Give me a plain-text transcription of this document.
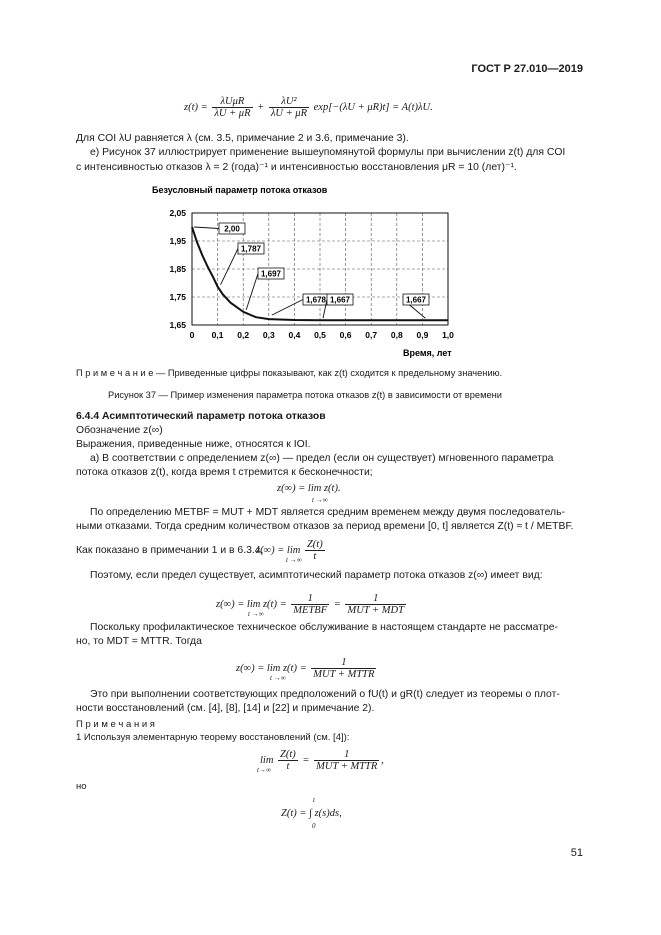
ГОСТ Р 27.010—2019
$z(t) = \frac{\text{λUμR}}{\lambda U + \mu R} + \frac{\text{λU²}}{\lambda U + \mu R} \exp[-(\lambda U + \mu R)t] = A(t)\lambda U$.
Для COI λU равняется λ (см. 3.5, примечание 2 и 3.6, примечание 3).
е) Рисунок 37 иллюстрирует применение вышеупомянутой формулы при вычислении z(t) для COI
с интенсивностью отказов λ = 2 (года)⁻¹ и интенсивностью восстановления μR = 10 (лет)⁻¹.
Безусловный параметр потока отказов
0 0,1 0,2 0,3 0,4 0,5 0,6 0,7 0,8 0,9 1,0
1,65
1,75
1,85
1,95
2,05
2,00
1,787
1,697
1,678 1,667	1,667
Время, лет
П р и м е ч а н и е — Приведенные цифры показывают, как z(t) сходится к предельному значению.
Рисунок 37 — Пример изменения параметра потока отказов z(t) в зависимости от времени
6.4.4 Асимптотический параметр потока отказов
Обозначение z(∞)
Выражения, приведенные ниже, относятся к IOI.
а) В соответствии с определением z(∞) — предел (если он существует) мгновенного параметра
потока отказов z(t), когда время t стремится к бесконечности;
z(∞) = lim z(t).
t →∞
По определению METBF = MUT + MDT является средним временем между двумя последователь-
ными отказами. Тогда средним количеством отказов за период времени [0, t] является Z(t) ≈ t / METBF.
Как показано в примечании 1 и в 6.3.4,
$z(\infty) = \lim \frac{Z(t)}{t}$
t →∞
Поэтому, если предел существует, асимптотический параметр потока отказов z(∞) имеет вид:
$z(\infty) = \lim z(t) = \frac{1}{\text{METBF}} = \frac{1}{\text{MUT + MDT}}$
t →∞
Поскольку профилактическое техническое обслуживание в настоящем стандарте не рассматре-
но, то MDT = MTTR. Тогда
$z(\infty) = \lim z(t) = \frac{1}{\text{MUT + MTTR}}$
t →∞
Это при выполнении соответствующих предположений о fU(t) и gR(t) следует из теоремы о плот-
ности восстановлений (см. [4], [8], [14] и [22] и примечание 2).
П р и м е ч а н и я
1 Используя элементарную теорему восстановлений (см. [4]):
$\lim \frac{Z(t)}{t} = \frac{1}{\text{MUT + MTTR}}$ ,
t→∞
но
Z(t) = ∫ z(s)ds,
t
0
51
